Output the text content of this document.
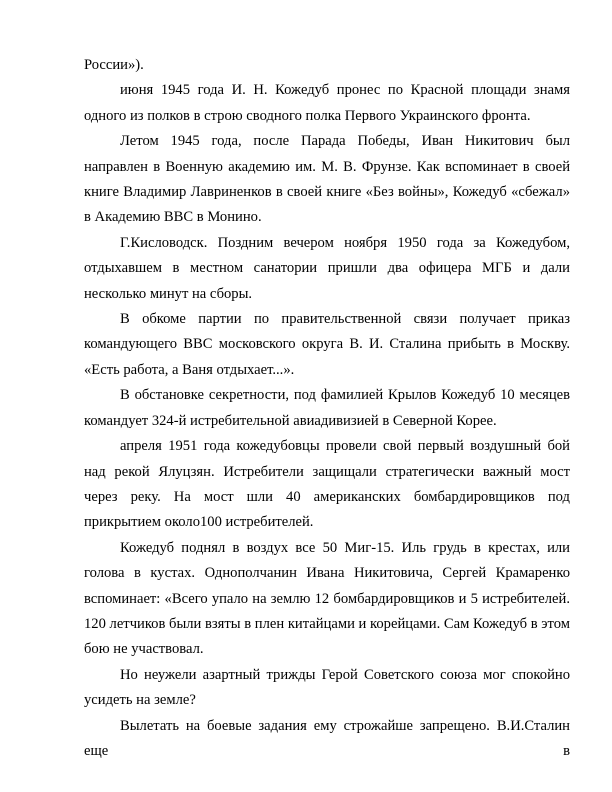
России»).

июня 1945 года И. Н. Кожедуб пронес по Красной площади знамя одного из полков в строю сводного полка Первого Украинского фронта.

Летом 1945 года, после Парада Победы, Иван Никитович был направлен в Военную академию им. М. В. Фрунзе. Как вспоминает в своей книге Владимир Лавриненков в своей книге «Без войны», Кожедуб «сбежал» в Академию ВВС в Монино.

Г.Кисловодск. Поздним вечером ноября 1950 года за Кожедубом, отдыхавшем в местном санатории пришли два офицера МГБ и дали несколько минут на сборы.

В обкоме партии по правительственной связи получает приказ командующего ВВС московского округа В. И. Сталина прибыть в Москву. «Есть работа, а Ваня отдыхает...».

В обстановке секретности, под фамилией Крылов Кожедуб 10 месяцев командует 324-й истребительной авиадивизией в Северной Корее.

апреля 1951 года кожедубовцы провели свой первый воздушный бой над рекой Ялуцзян. Истребители защищали стратегически важный мост через реку. На мост шли 40 американских бомбардировщиков под прикрытием около100 истребителей.

Кожедуб поднял в воздух все 50 Миг-15. Иль грудь в крестах, или голова в кустах. Однополчанин Ивана Никитовича, Сергей Крамаренко вспоминает: «Всего упало на землю 12 бомбардировщиков и 5 истребителей. 120 летчиков были взяты в плен китайцами и корейцами. Сам Кожедуб в этом бою не участвовал.

Но неужели азартный трижды Герой Советского союза мог спокойно усидеть на земле?

Вылетать на боевые задания ему строжайше запрещено. В.И.Сталин еще в
